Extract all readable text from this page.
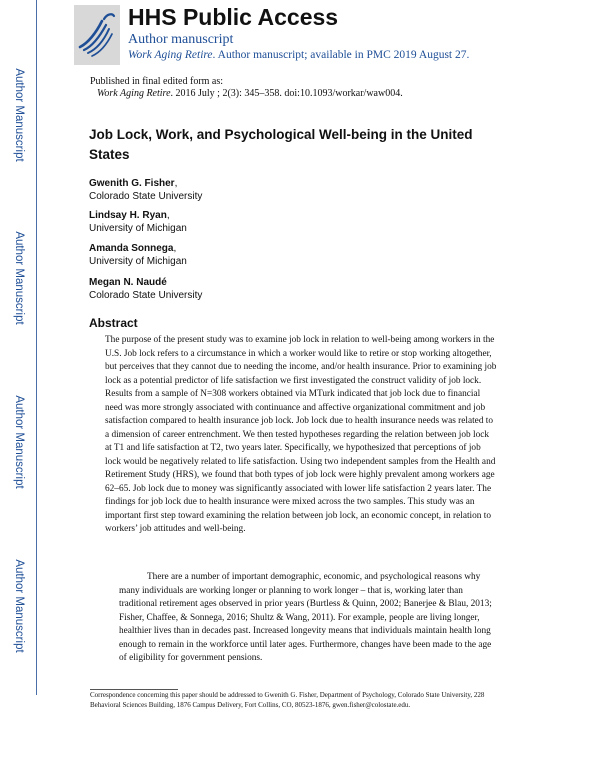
Author Manuscript
Author Manuscript
Author Manuscript
Author Manuscript
HHS Public Access
Author manuscript
Work Aging Retire. Author manuscript; available in PMC 2019 August 27.
Published in final edited form as:
Work Aging Retire. 2016 July ; 2(3): 345–358. doi:10.1093/workar/waw004.
Job Lock, Work, and Psychological Well-being in the United States
Gwenith G. Fisher,
Colorado State University
Lindsay H. Ryan,
University of Michigan
Amanda Sonnega,
University of Michigan
Megan N. Naudé
Colorado State University
Abstract

The purpose of the present study was to examine job lock in relation to well-being among workers in the U.S. Job lock refers to a circumstance in which a worker would like to retire or stop working altogether, but perceives that they cannot due to needing the income, and/or health insurance. Prior to examining job lock as a potential predictor of life satisfaction we first investigated the construct validity of job lock. Results from a sample of N=308 workers obtained via MTurk indicated that job lock due to financial need was more strongly associated with continuance and affective organizational commitment and job satisfaction compared to health insurance job lock. Job lock due to health insurance needs was related to a dimension of career entrenchment. We then tested hypotheses regarding the relation between job lock at T1 and life satisfaction at T2, two years later. Specifically, we hypothesized that perceptions of job lock would be negatively related to life satisfaction. Using two independent samples from the Health and Retirement Study (HRS), we found that both types of job lock were highly prevalent among workers age 62–65. Job lock due to money was significantly associated with lower life satisfaction 2 years later. The findings for job lock due to health insurance were mixed across the two samples. This study was an important first step toward examining the relation between job lock, an economic concept, in relation to workers’ job attitudes and well-being.

There are a number of important demographic, economic, and psychological reasons why many individuals are working longer or planning to work longer – that is, working later than traditional retirement ages observed in prior years (Burtless & Quinn, 2002; Banerjee & Blau, 2013; Fisher, Chaffee, & Sonnega, 2016; Shultz & Wang, 2011). For example, people are living longer, healthier lives than in decades past. Increased longevity means that individuals maintain health long enough to remain in the workforce until later ages. Furthermore, changes have been made to the age of eligibility for government pensions.

Correspondence concerning this paper should be addressed to Gwenith G. Fisher, Department of Psychology, Colorado State University, 228 Behavioral Sciences Building, 1876 Campus Delivery, Fort Collins, CO, 80523-1876, gwen.fisher@colostate.edu.
